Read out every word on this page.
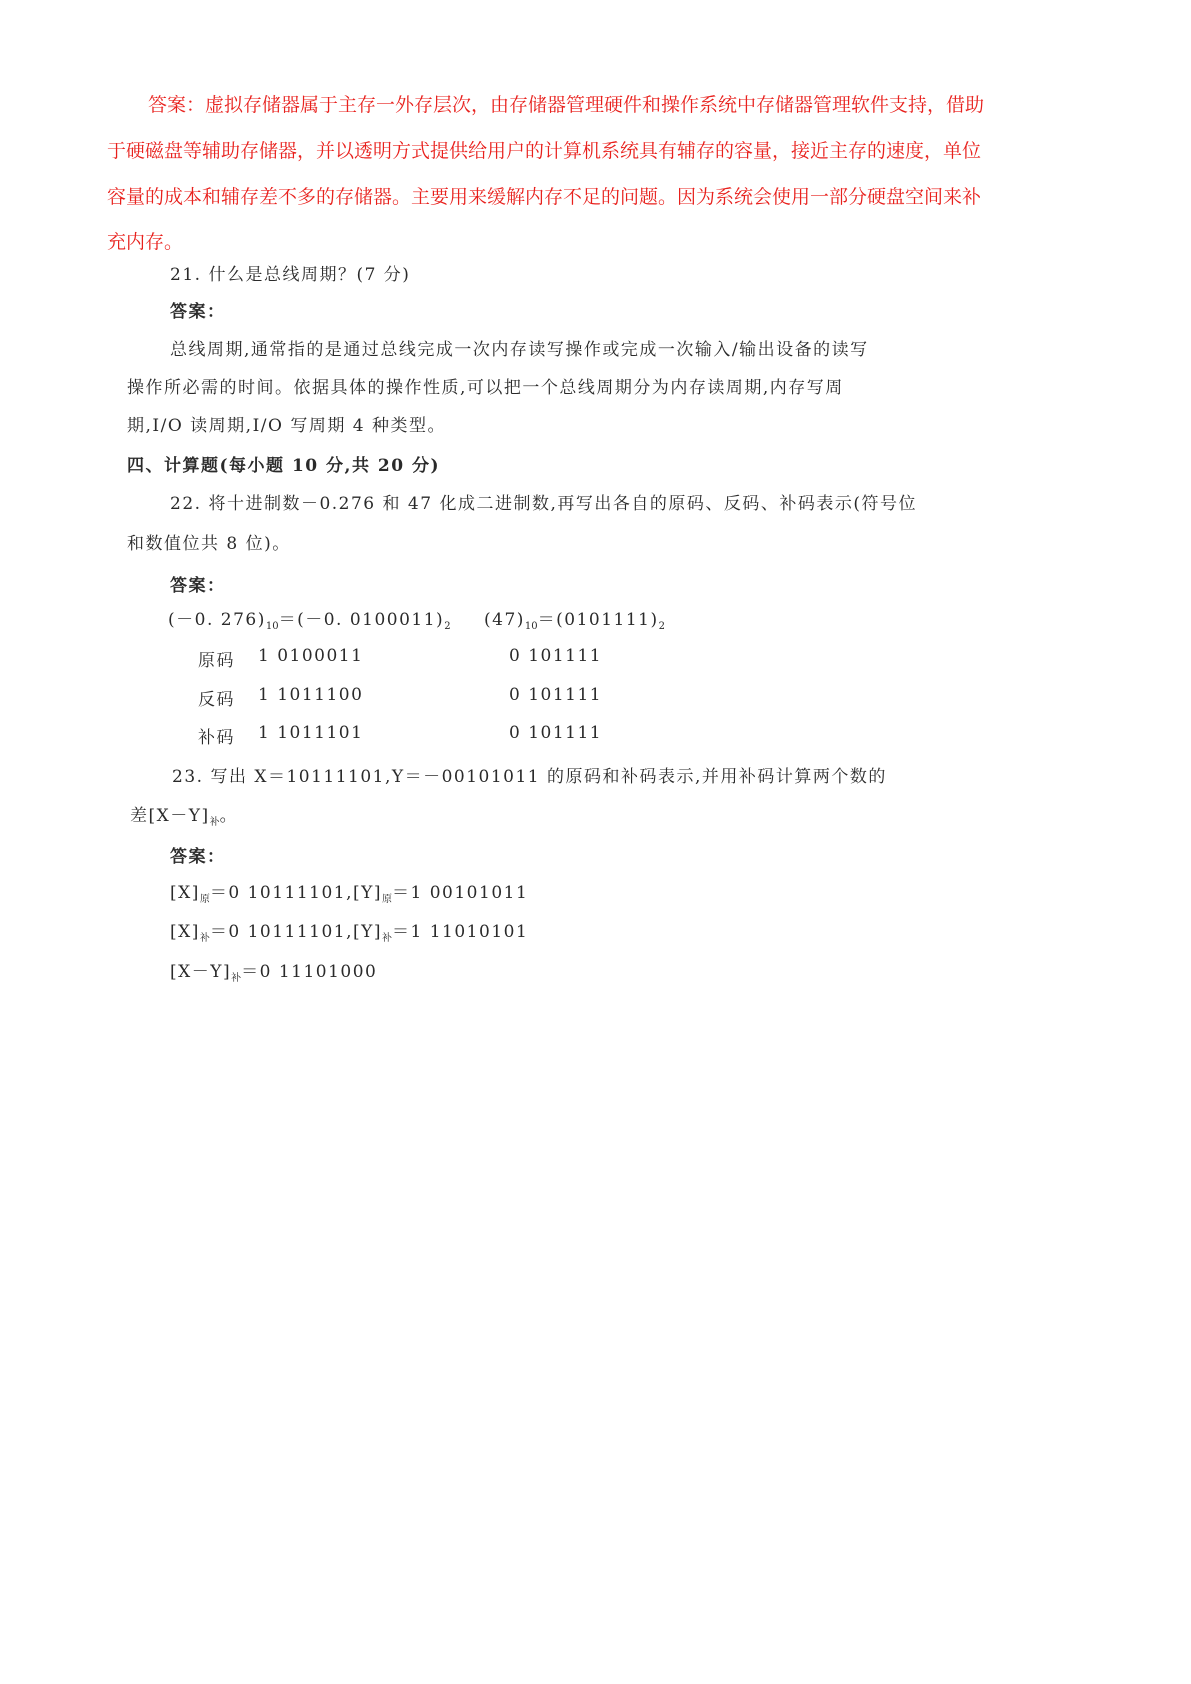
答案：虚拟存储器属于主存一外存层次，由存储器管理硬件和操作系统中存储器管理软件支持，借助
于硬磁盘等辅助存储器，并以透明方式提供给用户的计算机系统具有辅存的容量，接近主存的速度，单位
容量的成本和辅存差不多的存储器。主要用来缓解内存不足的问题。因为系统会使用一部分硬盘空间来补
充内存。
21. 什么是总线周期？(7 分)
答案：
总线周期,通常指的是通过总线完成一次内存读写操作或完成一次输入/输出设备的读写
操作所必需的时间。依据具体的操作性质,可以把一个总线周期分为内存读周期,内存写周
期,I/O 读周期,I/O 写周期 4 种类型。
四、计算题(每小题 10 分,共 20 分)
22. 将十进制数－0.276 和 47 化成二进制数,再写出各自的原码、反码、补码表示(符号位
和数值位共 8 位)。
答案：
(－0. $276)_{10}=(-0$. $0100011)_2$ $(47)_{10}=(0101111)_2$
原码 1 0100011	0 101111
反码 1 1011100	0 101111
补码 1 1011101	0 101111
23. 写出 X＝10111101,Y＝－00101011 的原码和补码表示,并用补码计算两个数的
差$[X-Y]_补$。
答案：
$[X]_原=0$ $10111101,[Y]_原=1$ 00101011
$[X]_补=0$ $10111101,[Y]_补=1$ 11010101
$[X-Y]_补=0$ 11101000
